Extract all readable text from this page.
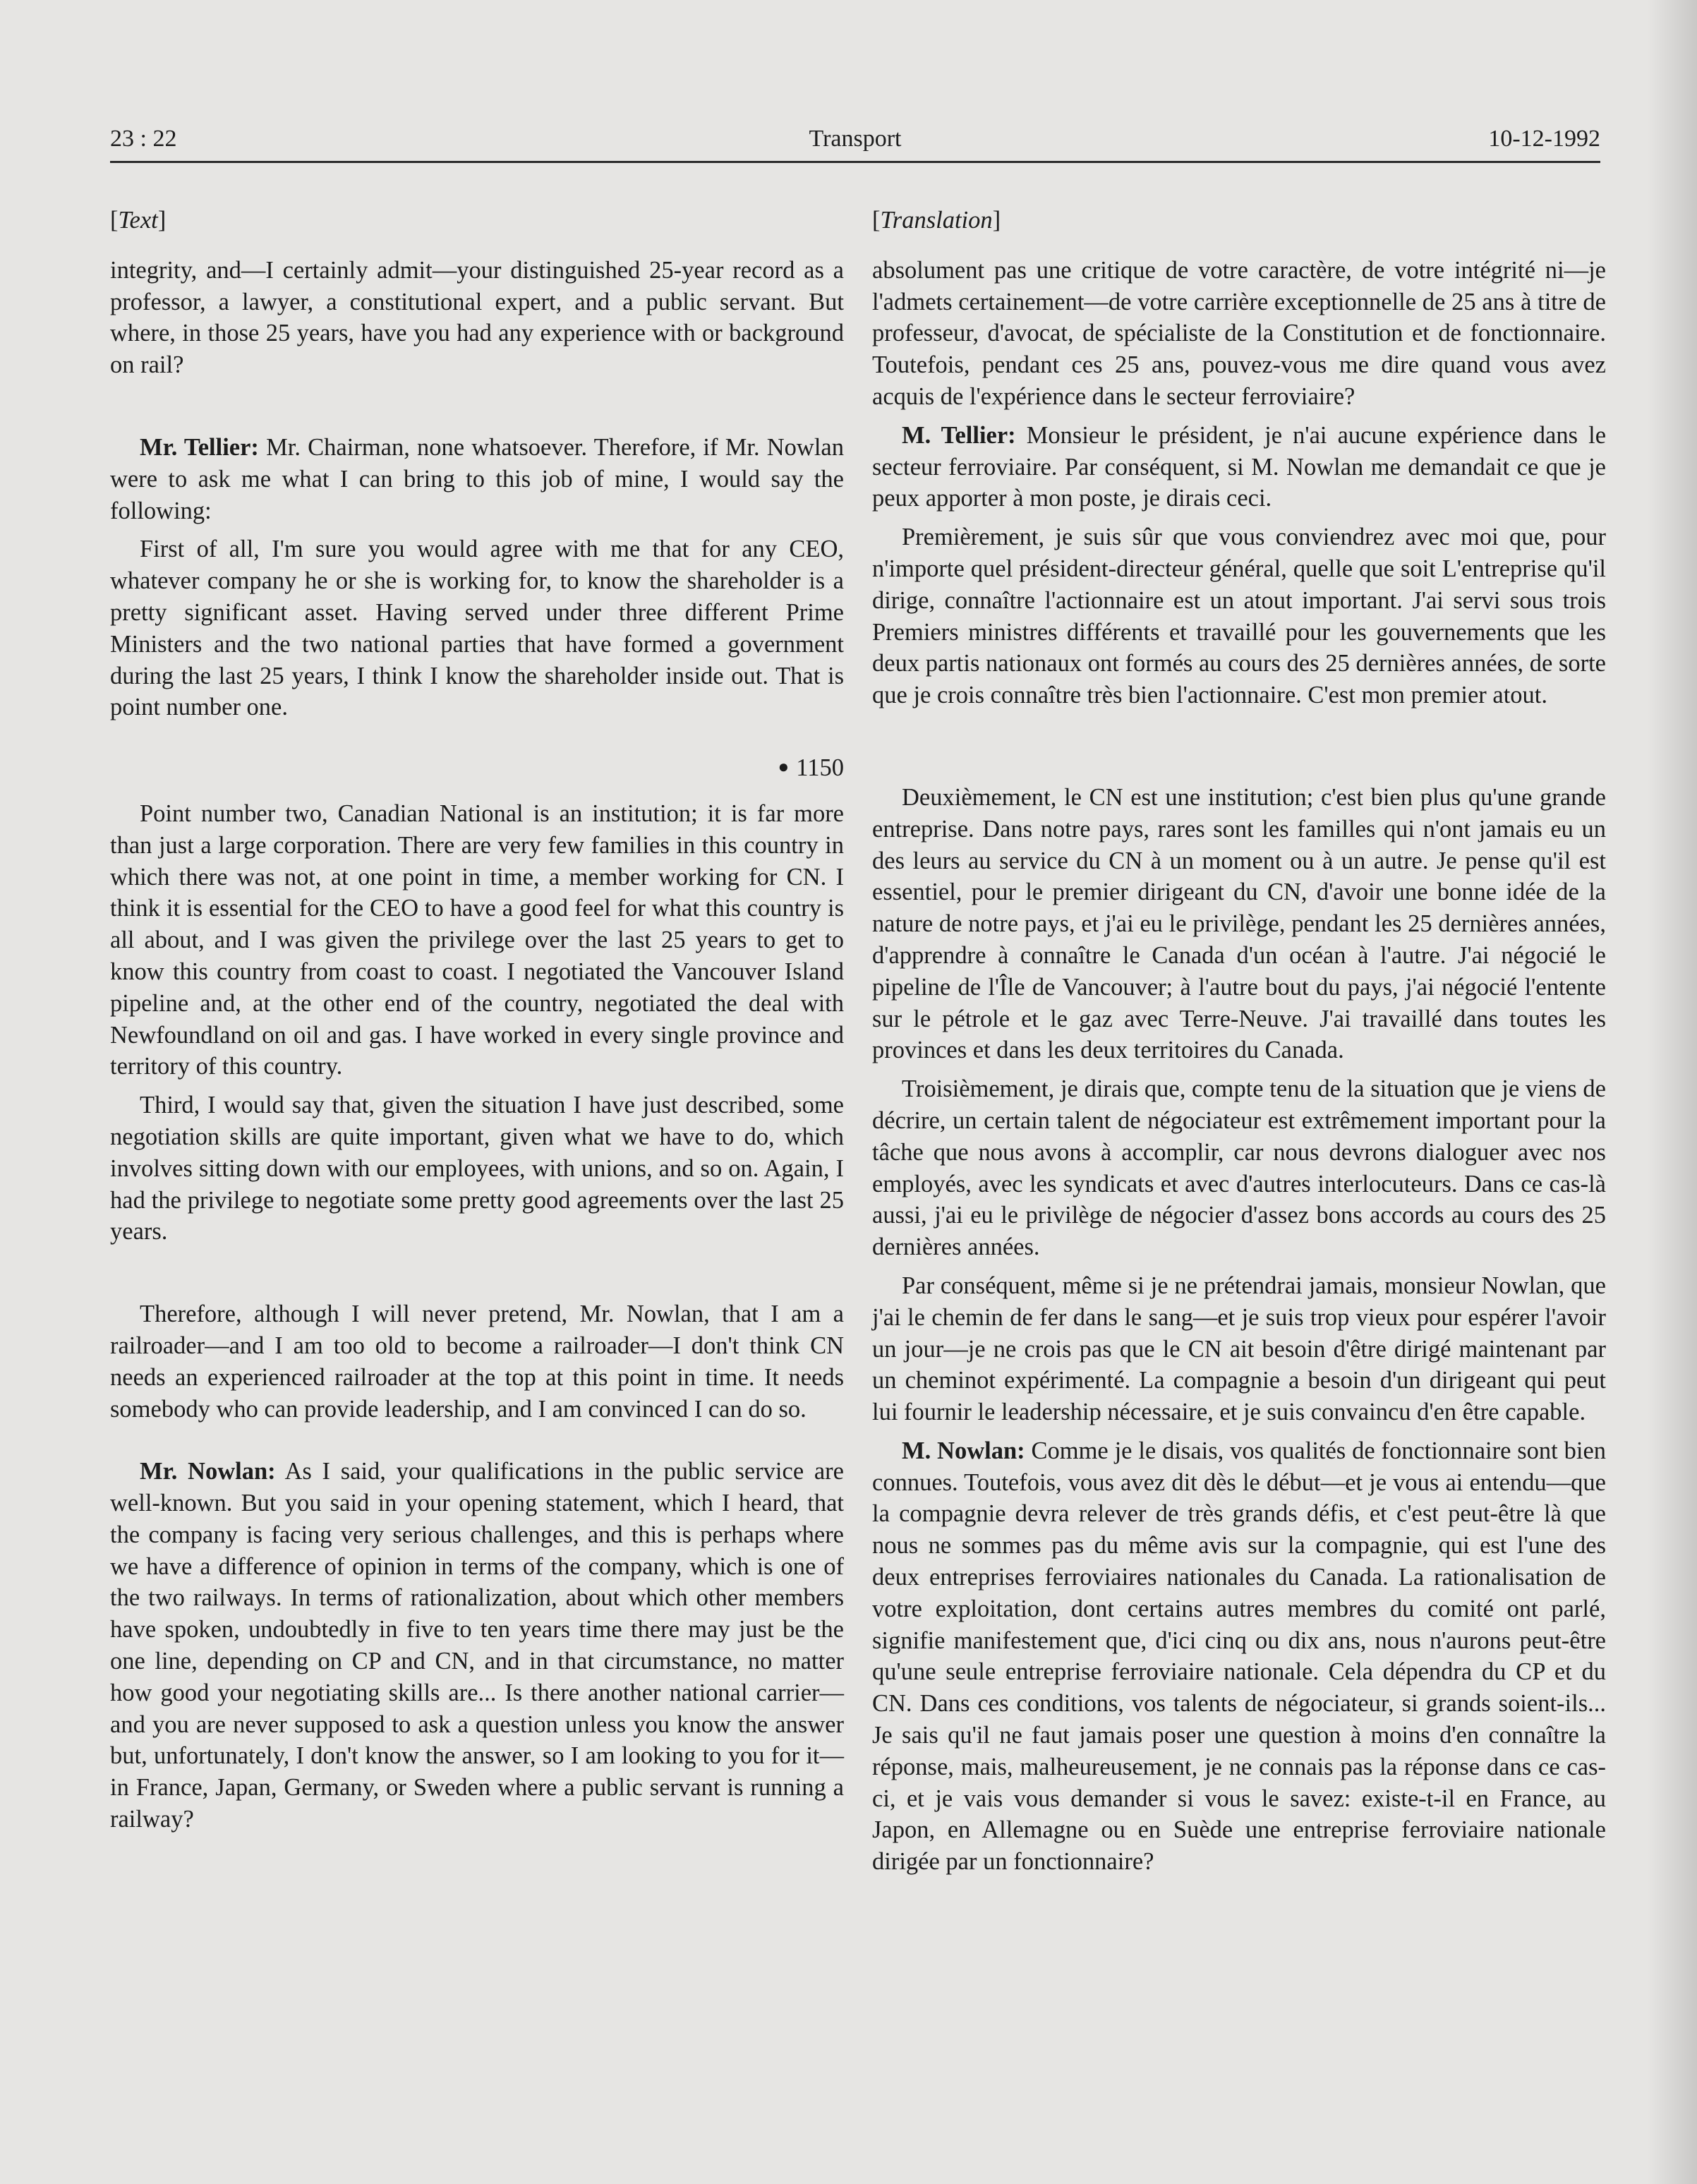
23 : 22	Transport	10-12-1992
[Text]

integrity, and—I certainly admit—your distinguished 25-year record as a professor, a lawyer, a constitutional expert, and a public servant. But where, in those 25 years, have you had any experience with or background on rail?

Mr. Tellier: Mr. Chairman, none whatsoever. Therefore, if Mr. Nowlan were to ask me what I can bring to this job of mine, I would say the following:

First of all, I'm sure you would agree with me that for any CEO, whatever company he or she is working for, to know the shareholder is a pretty significant asset. Having served under three different Prime Ministers and the two national parties that have formed a government during the last 25 years, I think I know the shareholder inside out. That is point number one.

● 1150

Point number two, Canadian National is an institution; it is far more than just a large corporation. There are very few families in this country in which there was not, at one point in time, a member working for CN. I think it is essential for the CEO to have a good feel for what this country is all about, and I was given the privilege over the last 25 years to get to know this country from coast to coast. I negotiated the Vancouver Island pipeline and, at the other end of the country, negotiated the deal with Newfoundland on oil and gas. I have worked in every single province and territory of this country.

Third, I would say that, given the situation I have just described, some negotiation skills are quite important, given what we have to do, which involves sitting down with our employees, with unions, and so on. Again, I had the privilege to negotiate some pretty good agreements over the last 25 years.

Therefore, although I will never pretend, Mr. Nowlan, that I am a railroader—and I am too old to become a railroader—I don't think CN needs an experienced railroader at the top at this point in time. It needs somebody who can provide leadership, and I am convinced I can do so.

Mr. Nowlan: As I said, your qualifications in the public service are well-known. But you said in your opening statement, which I heard, that the company is facing very serious challenges, and this is perhaps where we have a difference of opinion in terms of the company, which is one of the two railways. In terms of rationalization, about which other members have spoken, undoubtedly in five to ten years time there may just be the one line, depending on CP and CN, and in that circumstance, no matter how good your negotiating skills are... Is there another national carrier—and you are never supposed to ask a question unless you know the answer but, unfortunately, I don't know the answer, so I am looking to you for it—in France, Japan, Germany, or Sweden where a public servant is running a railway?

[Translation]

absolument pas une critique de votre caractère, de votre intégrité ni—je l'admets certainement—de votre carrière exceptionnelle de 25 ans à titre de professeur, d'avocat, de spécialiste de la Constitution et de fonctionnaire. Toutefois, pendant ces 25 ans, pouvez-vous me dire quand vous avez acquis de l'expérience dans le secteur ferroviaire?

M. Tellier: Monsieur le président, je n'ai aucune expérience dans le secteur ferroviaire. Par conséquent, si M. Nowlan me demandait ce que je peux apporter à mon poste, je dirais ceci.

Premièrement, je suis sûr que vous conviendrez avec moi que, pour n'importe quel président-directeur général, quelle que soit L'entreprise qu'il dirige, connaître l'actionnaire est un atout important. J'ai servi sous trois Premiers ministres différents et travaillé pour les gouvernements que les deux partis nationaux ont formés au cours des 25 dernières années, de sorte que je crois connaître très bien l'actionnaire. C'est mon premier atout.

Deuxièmement, le CN est une institution; c'est bien plus qu'une grande entreprise. Dans notre pays, rares sont les familles qui n'ont jamais eu un des leurs au service du CN à un moment ou à un autre. Je pense qu'il est essentiel, pour le premier dirigeant du CN, d'avoir une bonne idée de la nature de notre pays, et j'ai eu le privilège, pendant les 25 dernières années, d'apprendre à connaître le Canada d'un océan à l'autre. J'ai négocié le pipeline de l'Île de Vancouver; à l'autre bout du pays, j'ai négocié l'entente sur le pétrole et le gaz avec Terre-Neuve. J'ai travaillé dans toutes les provinces et dans les deux territoires du Canada.

Troisièmement, je dirais que, compte tenu de la situation que je viens de décrire, un certain talent de négociateur est extrêmement important pour la tâche que nous avons à accomplir, car nous devrons dialoguer avec nos employés, avec les syndicats et avec d'autres interlocuteurs. Dans ce cas-là aussi, j'ai eu le privilège de négocier d'assez bons accords au cours des 25 dernières années.

Par conséquent, même si je ne prétendrai jamais, monsieur Nowlan, que j'ai le chemin de fer dans le sang—et je suis trop vieux pour espérer l'avoir un jour—je ne crois pas que le CN ait besoin d'être dirigé maintenant par un cheminot expérimenté. La compagnie a besoin d'un dirigeant qui peut lui fournir le leadership nécessaire, et je suis convaincu d'en être capable.

M. Nowlan: Comme je le disais, vos qualités de fonctionnaire sont bien connues. Toutefois, vous avez dit dès le début—et je vous ai entendu—que la compagnie devra relever de très grands défis, et c'est peut-être là que nous ne sommes pas du même avis sur la compagnie, qui est l'une des deux entreprises ferroviaires nationales du Canada. La rationalisation de votre exploitation, dont certains autres membres du comité ont parlé, signifie manifestement que, d'ici cinq ou dix ans, nous n'aurons peut-être qu'une seule entreprise ferroviaire nationale. Cela dépendra du CP et du CN. Dans ces conditions, vos talents de négociateur, si grands soient-ils... Je sais qu'il ne faut jamais poser une question à moins d'en connaître la réponse, mais, malheureusement, je ne connais pas la réponse dans ce cas-ci, et je vais vous demander si vous le savez: existe-t-il en France, au Japon, en Allemagne ou en Suède une entreprise ferroviaire nationale dirigée par un fonctionnaire?
